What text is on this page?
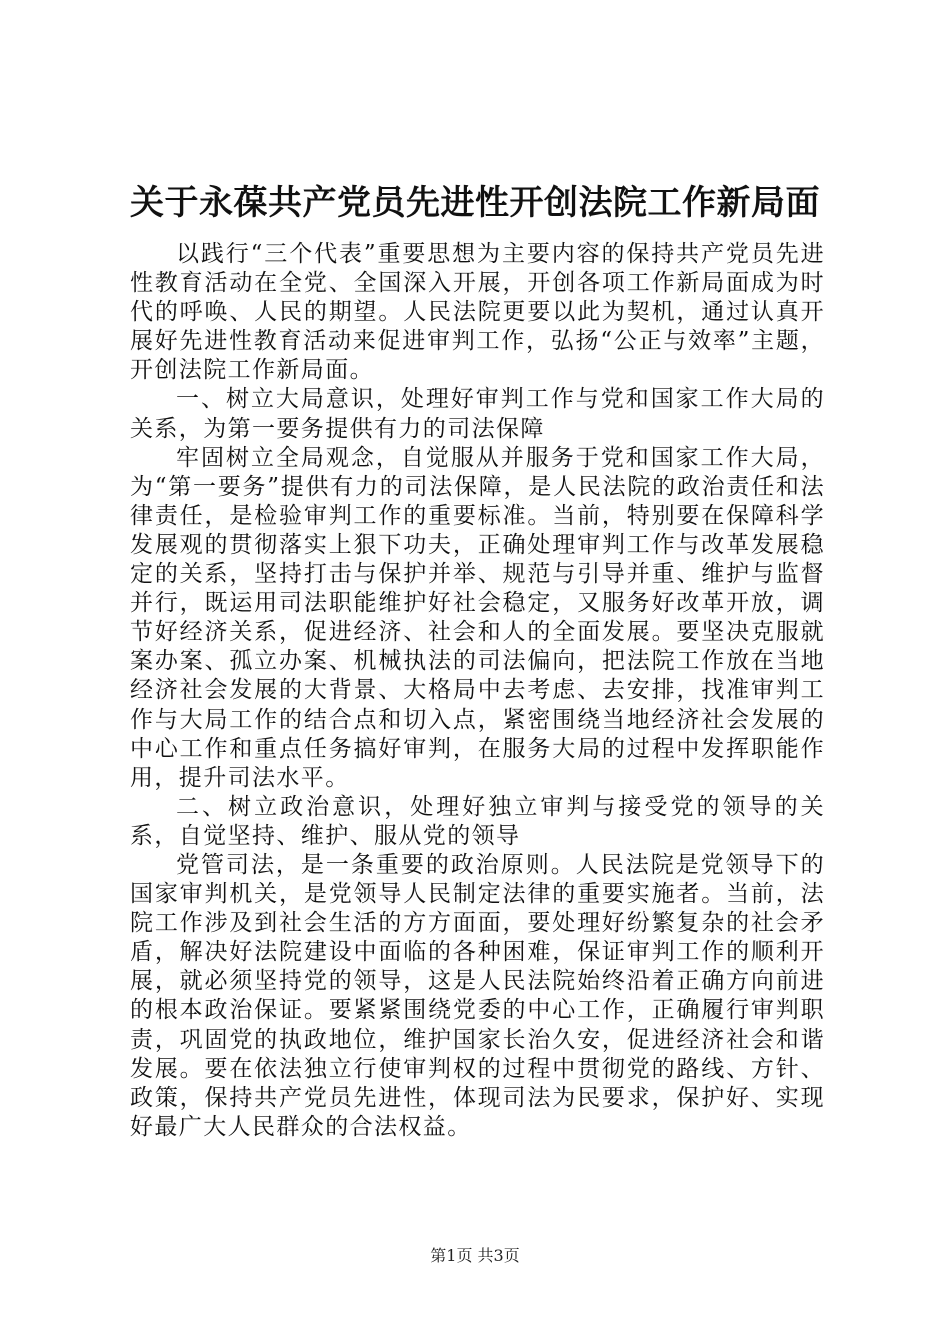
关于永葆共产党员先进性开创法院工作新局面

以践行“三个代表”重要思想为主要内容的保持共产党员先进性教育活动在全党、全国深入开展，开创各项工作新局面成为时代的呼唤、人民的期望。人民法院更要以此为契机，通过认真开展好先进性教育活动来促进审判工作，弘扬“公正与效率”主题，开创法院工作新局面。

一、树立大局意识，处理好审判工作与党和国家工作大局的关系，为第一要务提供有力的司法保障

牢固树立全局观念，自觉服从并服务于党和国家工作大局，为“第一要务”提供有力的司法保障，是人民法院的政治责任和法律责任，是检验审判工作的重要标准。当前，特别要在保障科学发展观的贯彻落实上狠下功夫，正确处理审判工作与改革发展稳定的关系，坚持打击与保护并举、规范与引导并重、维护与监督并行，既运用司法职能维护好社会稳定，又服务好改革开放，调节好经济关系，促进经济、社会和人的全面发展。要坚决克服就案办案、孤立办案、机械执法的司法偏向，把法院工作放在当地经济社会发展的大背景、大格局中去考虑、去安排，找准审判工作与大局工作的结合点和切入点，紧密围绕当地经济社会发展的中心工作和重点任务搞好审判，在服务大局的过程中发挥职能作用，提升司法水平。

二、树立政治意识，处理好独立审判与接受党的领导的关系，自觉坚持、维护、服从党的领导

党管司法，是一条重要的政治原则。人民法院是党领导下的国家审判机关，是党领导人民制定法律的重要实施者。当前，法院工作涉及到社会生活的方方面面，要处理好纷繁复杂的社会矛盾，解决好法院建设中面临的各种困难，保证审判工作的顺利开展，就必须坚持党的领导，这是人民法院始终沿着正确方向前进的根本政治保证。要紧紧围绕党委的中心工作，正确履行审判职责，巩固党的执政地位，维护国家长治久安，促进经济社会和谐发展。要在依法独立行使审判权的过程中贯彻党的路线、方针、政策，保持共产党员先进性，体现司法为民要求，保护好、实现好最广大人民群众的合法权益。

第1页 共3页
